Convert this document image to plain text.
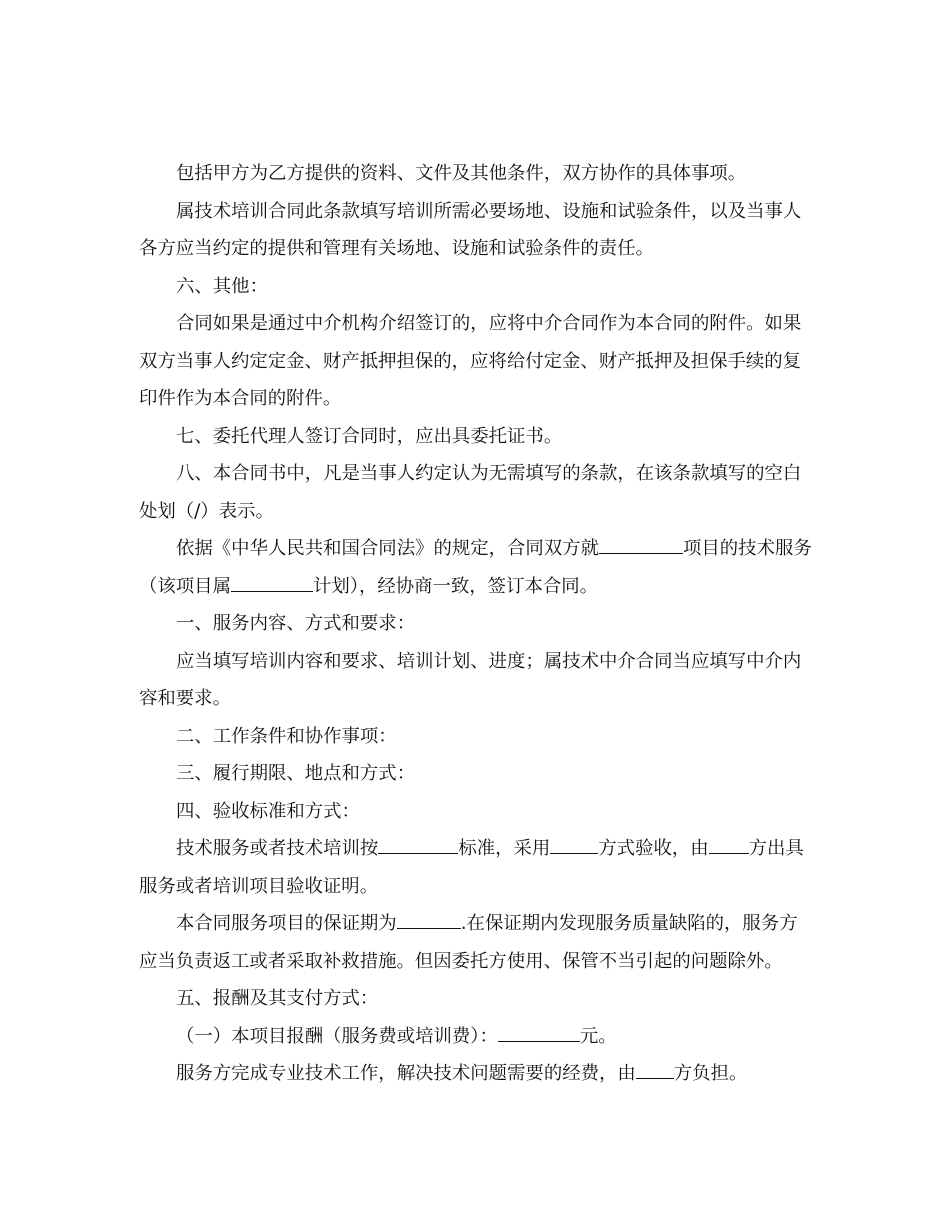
包括甲方为乙方提供的资料、文件及其他条件，双方协作的具体事项。

属技术培训合同此条款填写培训所需必要场地、设施和试验条件，以及当事人各方应当约定的提供和管理有关场地、设施和试验条件的责任。

六、其他：

合同如果是通过中介机构介绍签订的，应将中介合同作为本合同的附件。如果双方当事人约定定金、财产抵押担保的，应将给付定金、财产抵押及担保手续的复印件作为本合同的附件。

七、委托代理人签订合同时，应出具委托证书。

八、本合同书中，凡是当事人约定认为无需填写的条款，在该条款填写的空白处划（/）表示。

依据《中华人民共和国合同法》的规定，合同双方就	项目的技术服务（该项目属	计划），经协商一致，签订本合同。

一、服务内容、方式和要求：

应当填写培训内容和要求、培训计划、进度；属技术中介合同当应填写中介内容和要求。

二、工作条件和协作事项：

三、履行期限、地点和方式：

四、验收标准和方式：

技术服务或者技术培训按	标准，采用	方式验收，由 方出具服务或者培训项目验收证明。

本合同服务项目的保证期为	.在保证期内发现服务质量缺陷的，服务方应当负责返工或者采取补救措施。但因委托方使用、保管不当引起的问题除外。

五、报酬及其支付方式：

（一）本项目报酬（服务费或培训费）：	元。

服务方完成专业技术工作，解决技术问题需要的经费，由 方负担。
